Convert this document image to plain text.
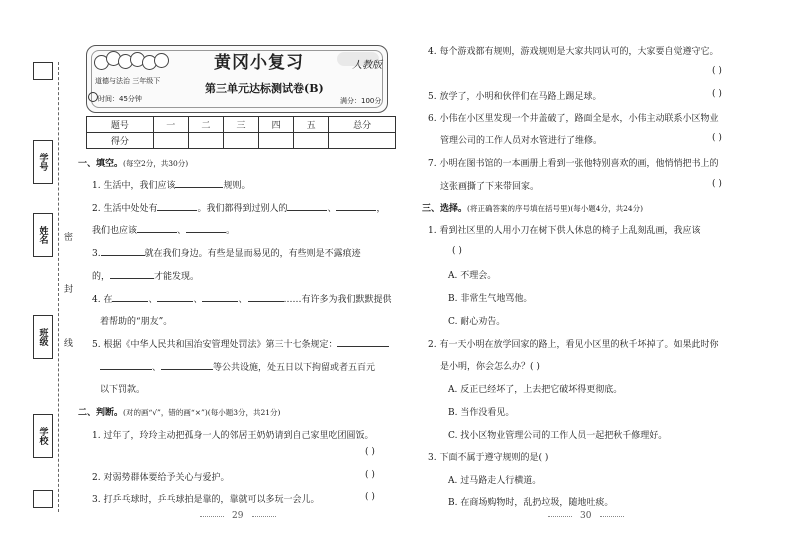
学号
姓名
班级
学校
密
封
线
黄冈小复习
道德与法治 三年级下
时间：45分钟
第三单元达标测试卷(B)
满分：100分
人教版
题号	一	二	三	四	五	总分
得分						
一、填空。(每空2分，共30分)
1. 生活中，我们应该	规则。
2. 生活中处处有	。我们都得到过别人的	、	，
我们也应该	、	。
3.	就在我们身边。有些是显而易见的，有些则是不露痕迹
的，	才能发现。
4. 在	、	、	、	……有许多为我们默默提供
着帮助的“朋友”。
5. 根据《中华人民共和国治安管理处罚法》第三十七条规定：
、	等公共设施，处五日以下拘留或者五百元
以下罚款。
二、判断。(对的画“√”，错的画“×”)(每小题3分，共21分)
1. 过年了，玲玲主动把孤身一人的邻居王奶奶请到自己家里吃团圆饭。
( )
2. 对弱势群体要给予关心与爱护。	( )
3. 打乒乓球时，乒乓球拍是靠的，靠就可以多玩一会儿。	( )
29
4. 每个游戏都有规则，游戏规则是大家共同认可的，大家要自觉遵守它。
( )
5. 放学了，小明和伙伴们在马路上踢足球。	( )
6. 小伟在小区里发现一个井盖破了，路面全是水，小伟主动联系小区物业
管理公司的工作人员对水管进行了维修。	( )
7. 小明在图书馆的一本画册上看到一张他特别喜欢的画，他悄悄把书上的
这张画撕了下来带回家。	( )
三、选择。(将正确答案的序号填在括号里)(每小题4分，共24分)
1. 看到社区里的人用小刀在树下供人休息的椅子上乱刻乱画，我应该
( )
A. 不理会。
B. 非常生气地骂他。
C. 耐心劝告。
2. 有一天小明在放学回家的路上，看见小区里的秋千坏掉了。如果此时你
是小明，你会怎么办？( )
A. 反正已经坏了，上去把它破坏得更彻底。
B. 当作没看见。
C. 找小区物业管理公司的工作人员一起把秋千修理好。
3. 下面不属于遵守规则的是( )
A. 过马路走人行横道。
B. 在商场购物时，乱扔垃圾，随地吐痰。
30
